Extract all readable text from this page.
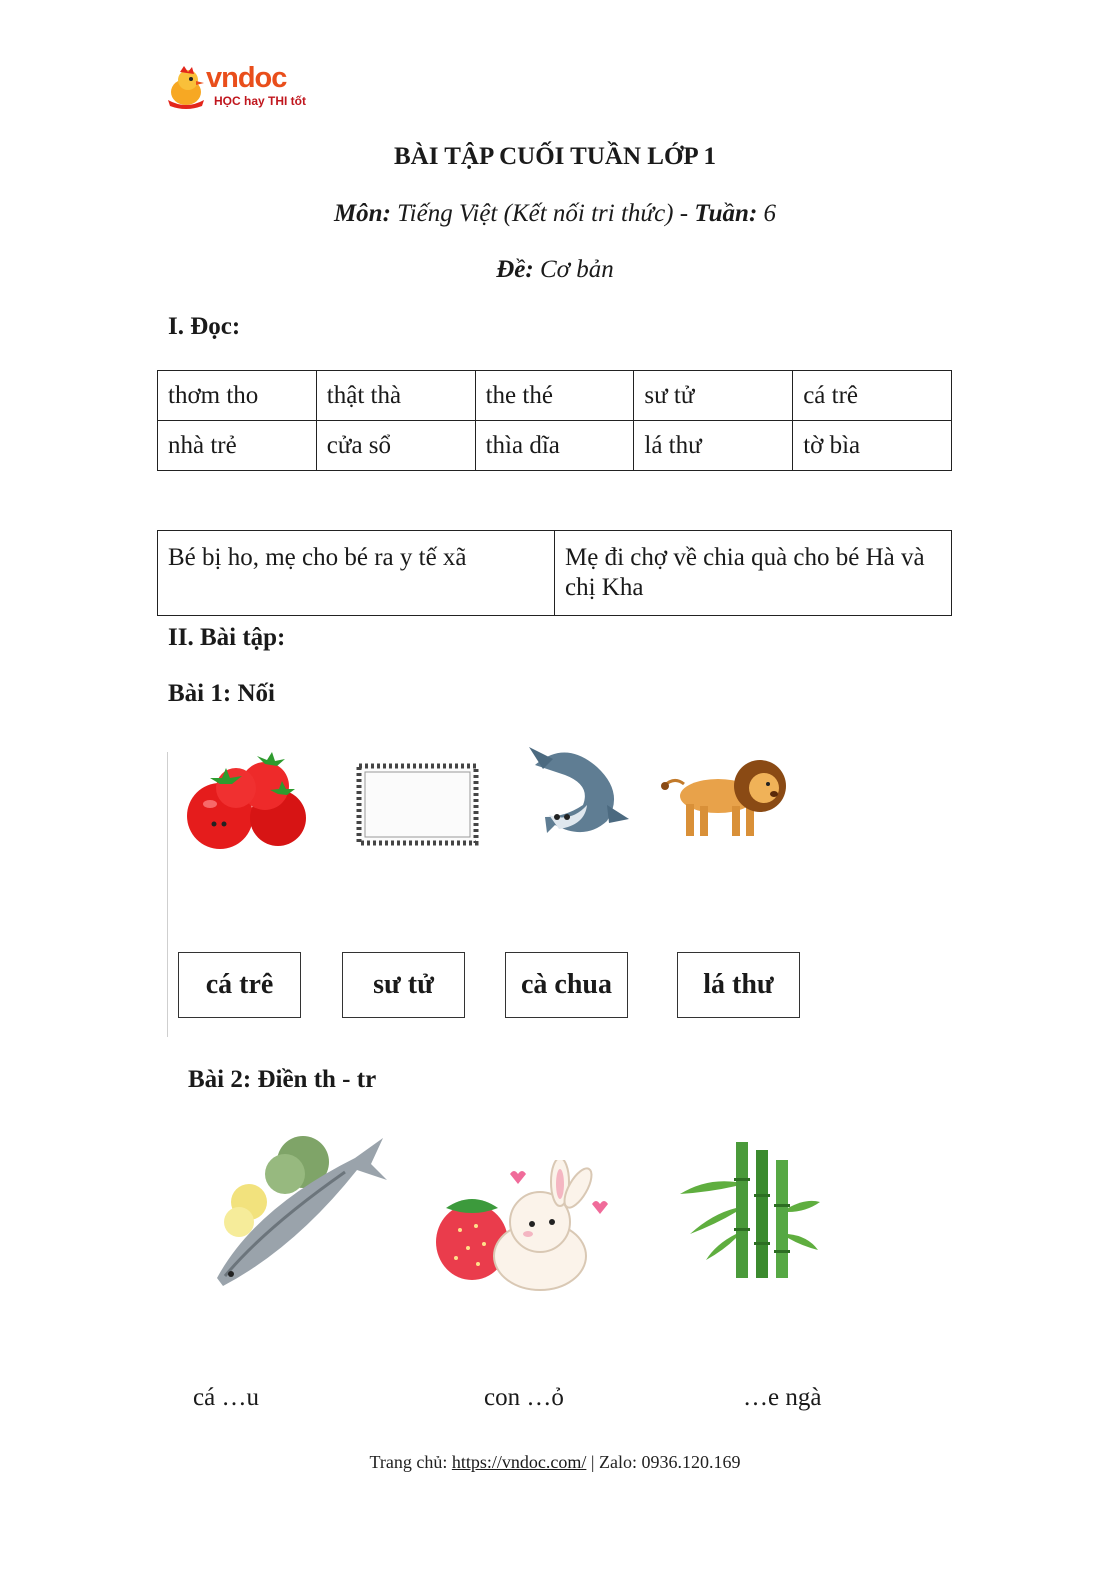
vndoc
HỌC hay THI tốt
BÀI TẬP CUỐI TUẦN LỚP 1
Môn: Tiếng Việt (Kết nối tri thức) - Tuần: 6
Đề: Cơ bản
I. Đọc:
thơm tho	thật thà	the thé	sư tử	cá trê
nhà trẻ	cửa sổ	thìa dĩa	lá thư	tờ bìa
Bé bị ho, mẹ cho bé ra y tế xã	Mẹ đi chợ về chia quà cho bé Hà và chị Kha
II. Bài tập:
Bài 1: Nối
cá trê	sư tử	cà chua	lá thư
Bài 2: Điền th - tr
cá …u	con …ỏ	…e ngà
Trang chủ: https://vndoc.com/ | Zalo: 0936.120.169
